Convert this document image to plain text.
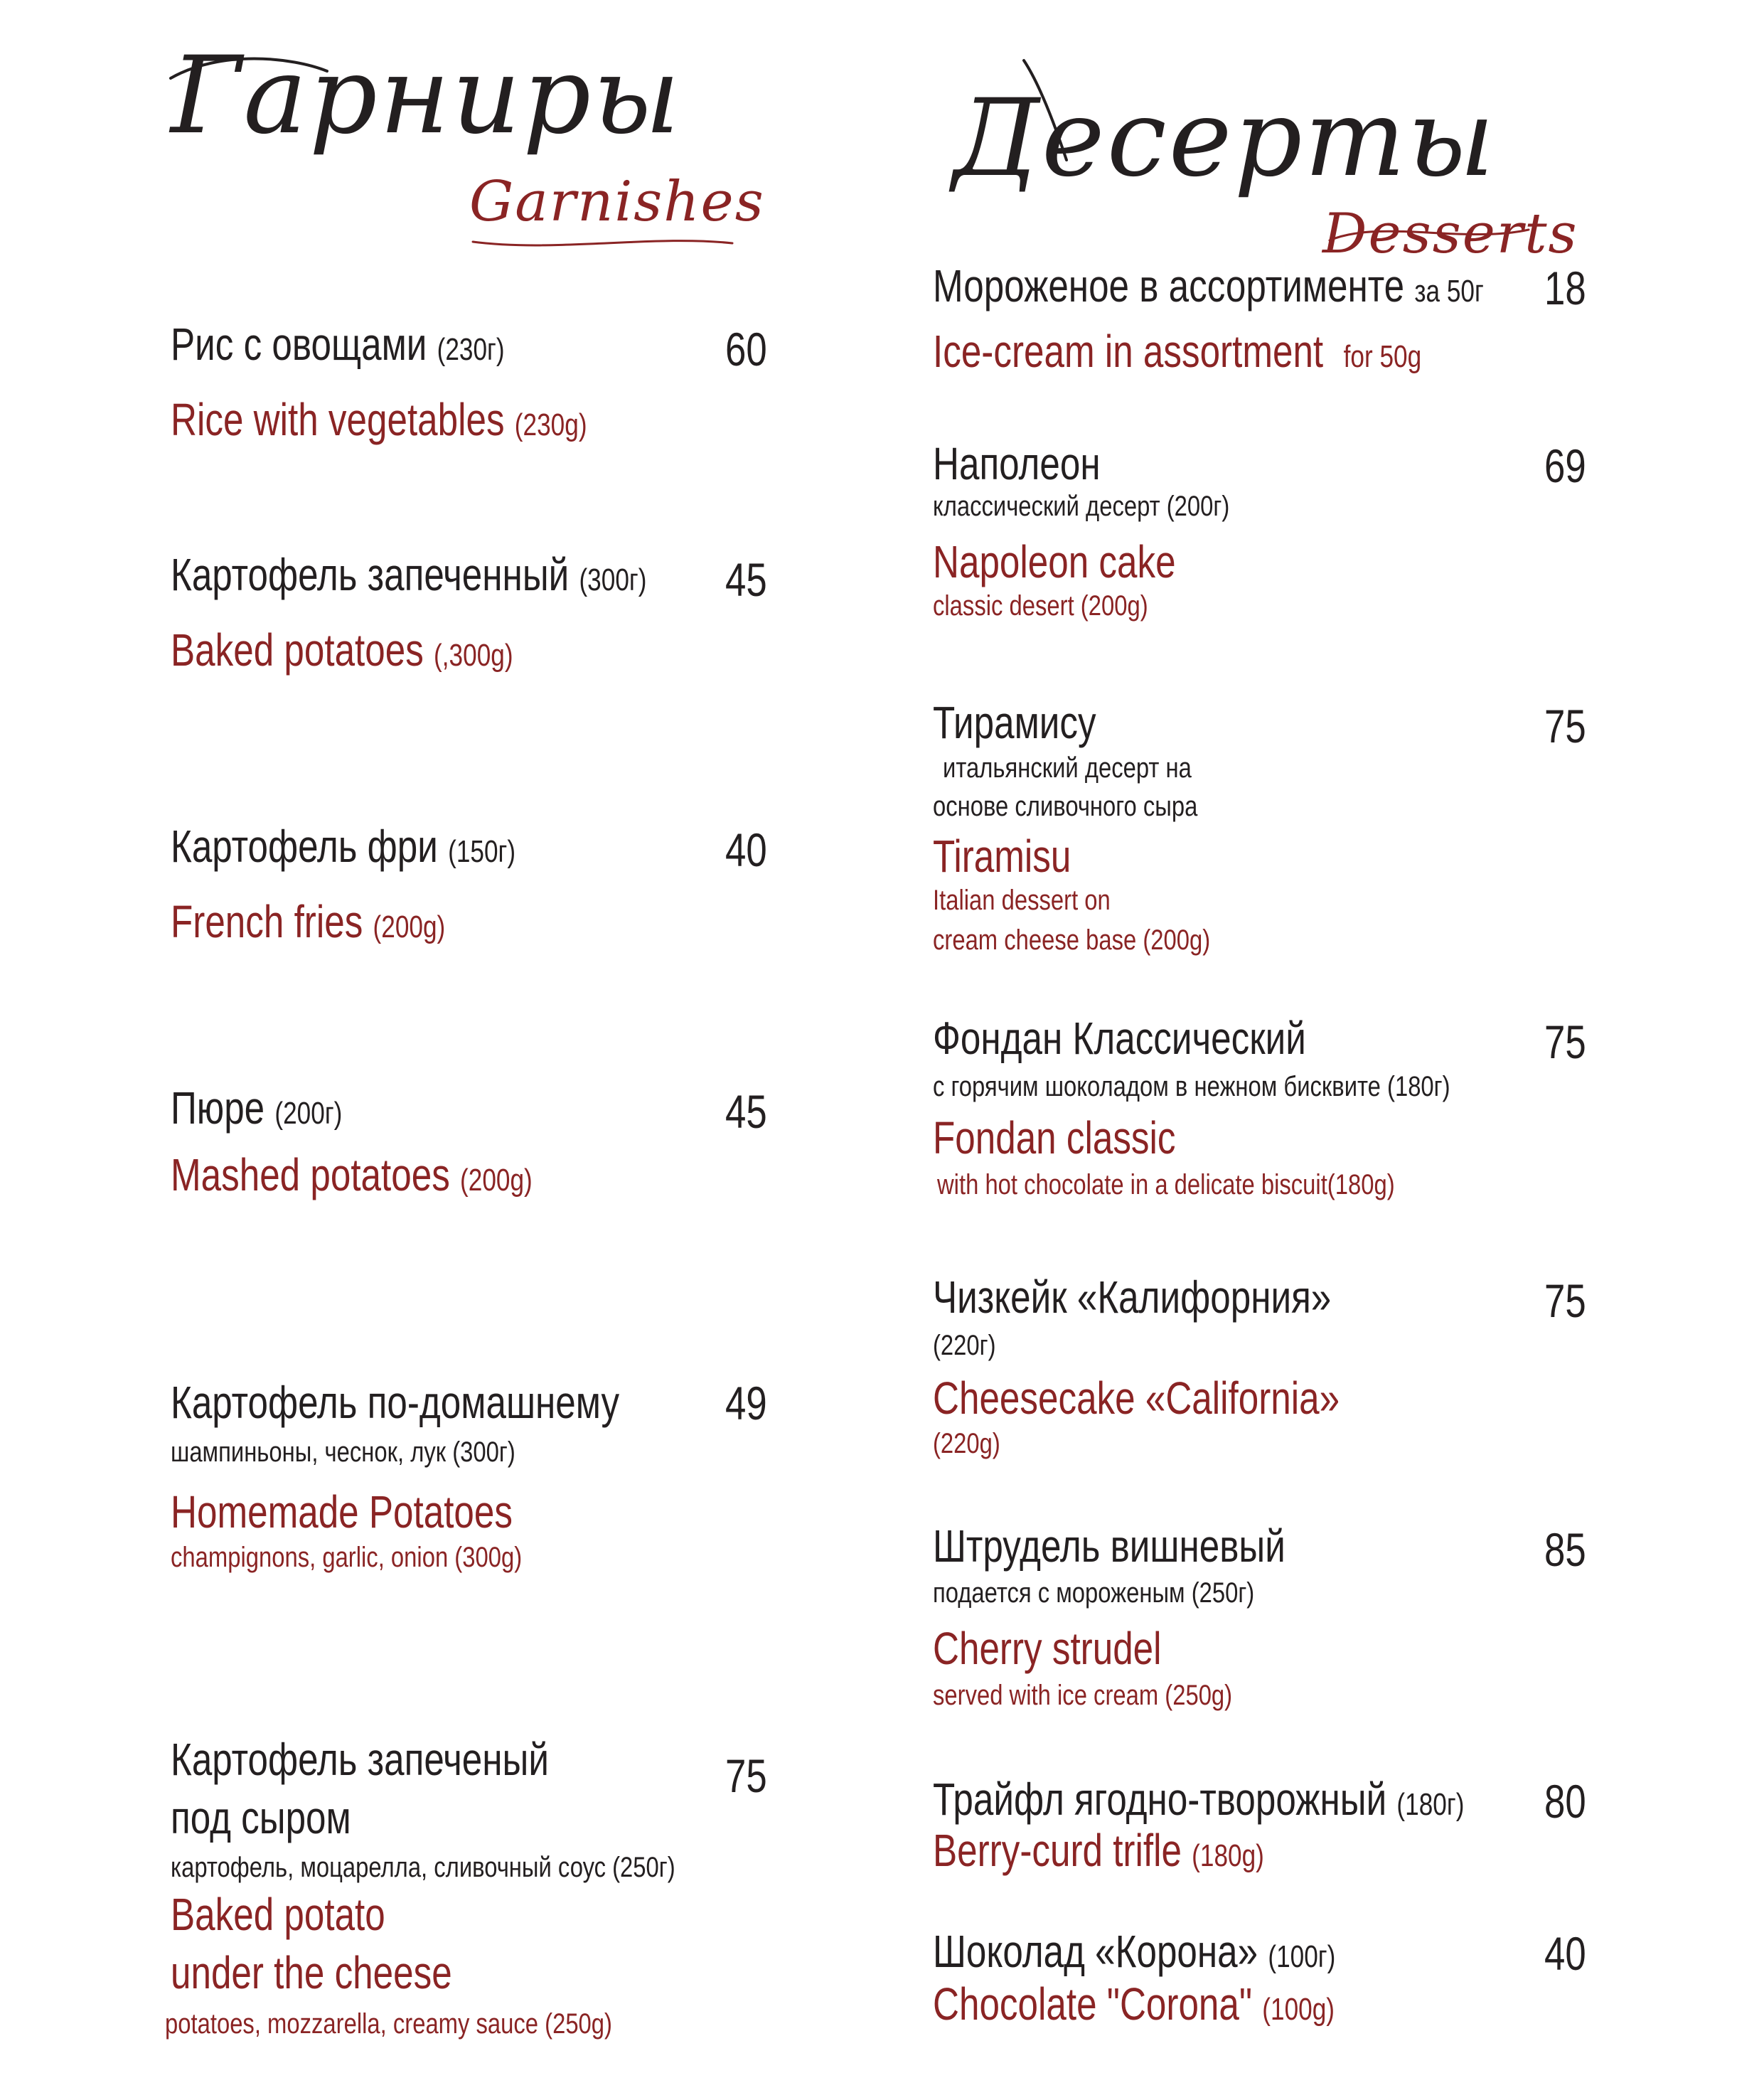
Гарниры
Garnishes
Рис с овощами (230г)
Rice with vegetables (230g)
60
Картофель запеченный (300г)
Baked potatoes (,300g)
45
Картофель фри (150г)
French fries (200g)
40
Пюре (200г)
Mashed potatoes (200g)
45
Картофель по-домашнему
шампиньоны, чеснок, лук (300г)
Homemade Potatoes
champignons, garlic, onion (300g)
49
Картофель запеченый
под сыром
картофель, моцарелла, сливочный соус (250г)
Baked potato
under the cheese
potatoes, mozzarella, creamy sauce (250g)
75
Десерты
Desserts
Мороженое в ассортименте за 50г
Ice-cream in assortment for 50g
18
Наполеон
классический десерт (200г)
Napoleon cake
classic desert (200g)
69
Тирамису
итальянский десерт на
основе сливочного сыра
Tiramisu
Italian dessert on
cream cheese base (200g)
75
Фондан Классический
с горячим шоколадом в нежном бисквите (180г)
Fondan classic
with hot chocolate in a delicate biscuit(180g)
75
Чизкейк «Калифорния»
(220г)
Cheesecake «California»
(220g)
75
Штрудель вишневый
подается с мороженым (250г)
Cherry strudel
served with ice cream (250g)
85
Трайфл ягодно-творожный (180г)
Berry-curd trifle (180g)
80
Шоколад «Корона» (100г)
Chocolate "Corona" (100g)
40
